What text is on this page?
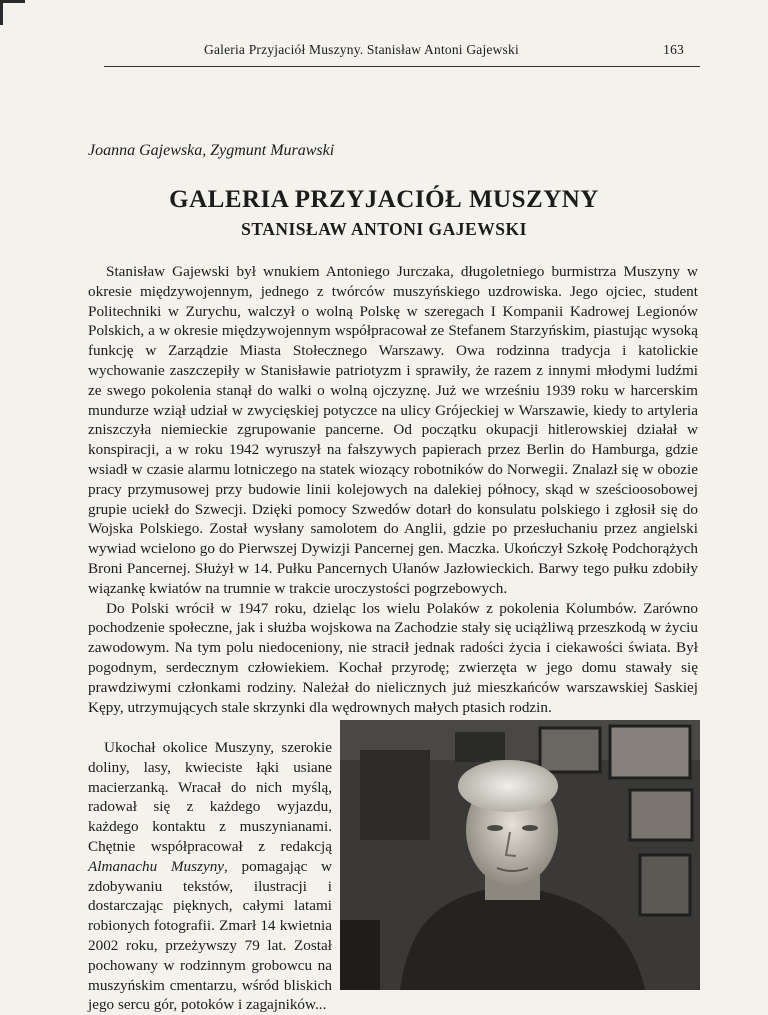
Galeria Przyjaciół Muszyny. Stanisław Antoni Gajewski	163
Joanna Gajewska, Zygmunt Murawski
GALERIA PRZYJACIÓŁ MUSZYNY
STANISŁAW ANTONI GAJEWSKI

Stanisław Gajewski był wnukiem Antoniego Jurczaka, długoletniego burmistrza Muszyny w okresie międzywojennym, jednego z twórców muszyńskiego uzdrowiska. Jego ojciec, student Politechniki w Zurychu, walczył o wolną Polskę w szeregach I Kompanii Kadrowej Legionów Polskich, a w okresie międzywojennym współpracował ze Stefanem Starzyńskim, piastując wysoką funkcję w Zarządzie Miasta Stołecznego Warszawy. Owa rodzinna tradycja i katolickie wychowanie zaszczepiły w Stanisławie patriotyzm i sprawiły, że razem z innymi młodymi ludźmi ze swego pokolenia stanął do walki o wolną ojczyznę. Już we wrześniu 1939 roku w harcerskim mundurze wziął udział w zwycięskiej potyczce na ulicy Grójeckiej w Warszawie, kiedy to artyleria zniszczyła niemieckie zgrupowanie pancerne. Od początku okupacji hitlerowskiej działał w konspiracji, a w roku 1942 wyruszył na fałszywych papierach przez Berlin do Hamburga, gdzie wsiadł w czasie alarmu lotniczego na statek wiozący robotników do Norwegii. Znalazł się w obozie pracy przymusowej przy budowie linii kolejowych na dalekiej północy, skąd w sześcioosobowej grupie uciekł do Szwecji. Dzięki pomocy Szwedów dotarł do konsulatu polskiego i zgłosił się do Wojska Polskiego. Został wysłany samolotem do Anglii, gdzie po przesłuchaniu przez angielski wywiad wcielono go do Pierwszej Dywizji Pancernej gen. Maczka. Ukończył Szkołę Podchorążych Broni Pancernej. Służył w 14. Pułku Pancernych Ułanów Jazłowieckich. Barwy tego pułku zdobiły wiązankę kwiatów na trumnie w trakcie uroczystości pogrzebowych.

Do Polski wrócił w 1947 roku, dzieląc los wielu Polaków z pokolenia Kolumbów. Zarówno pochodzenie społeczne, jak i służba wojskowa na Zachodzie stały się uciążliwą przeszkodą w życiu zawodowym. Na tym polu niedoceniony, nie stracił jednak radości życia i ciekawości świata. Był pogodnym, serdecznym człowiekiem. Kochał przyrodę; zwierzęta w jego domu stawały się prawdziwymi członkami rodziny. Należał do nielicznych już mieszkańców warszawskiej Saskiej Kępy, utrzymujących stale skrzynki dla wędrownych małych ptasich rodzin.

Ukochał okolice Muszyny, szerokie doliny, lasy, kwieciste łąki usiane macierzanką. Wracał do nich myślą, radował się z każdego wyjazdu, każdego kontaktu z muszynianami. Chętnie współpracował z redakcją Almanachu Muszyny, pomagając w zdobywaniu tekstów, ilustracji i dostarczając pięknych, całymi latami robionych fotografii. Zmarł 14 kwietnia 2002 roku, przeżywszy 79 lat. Został pochowany w rodzinnym grobowcu na muszyńskim cmentarzu, wśród bliskich jego sercu gór, potoków i zagajników...
